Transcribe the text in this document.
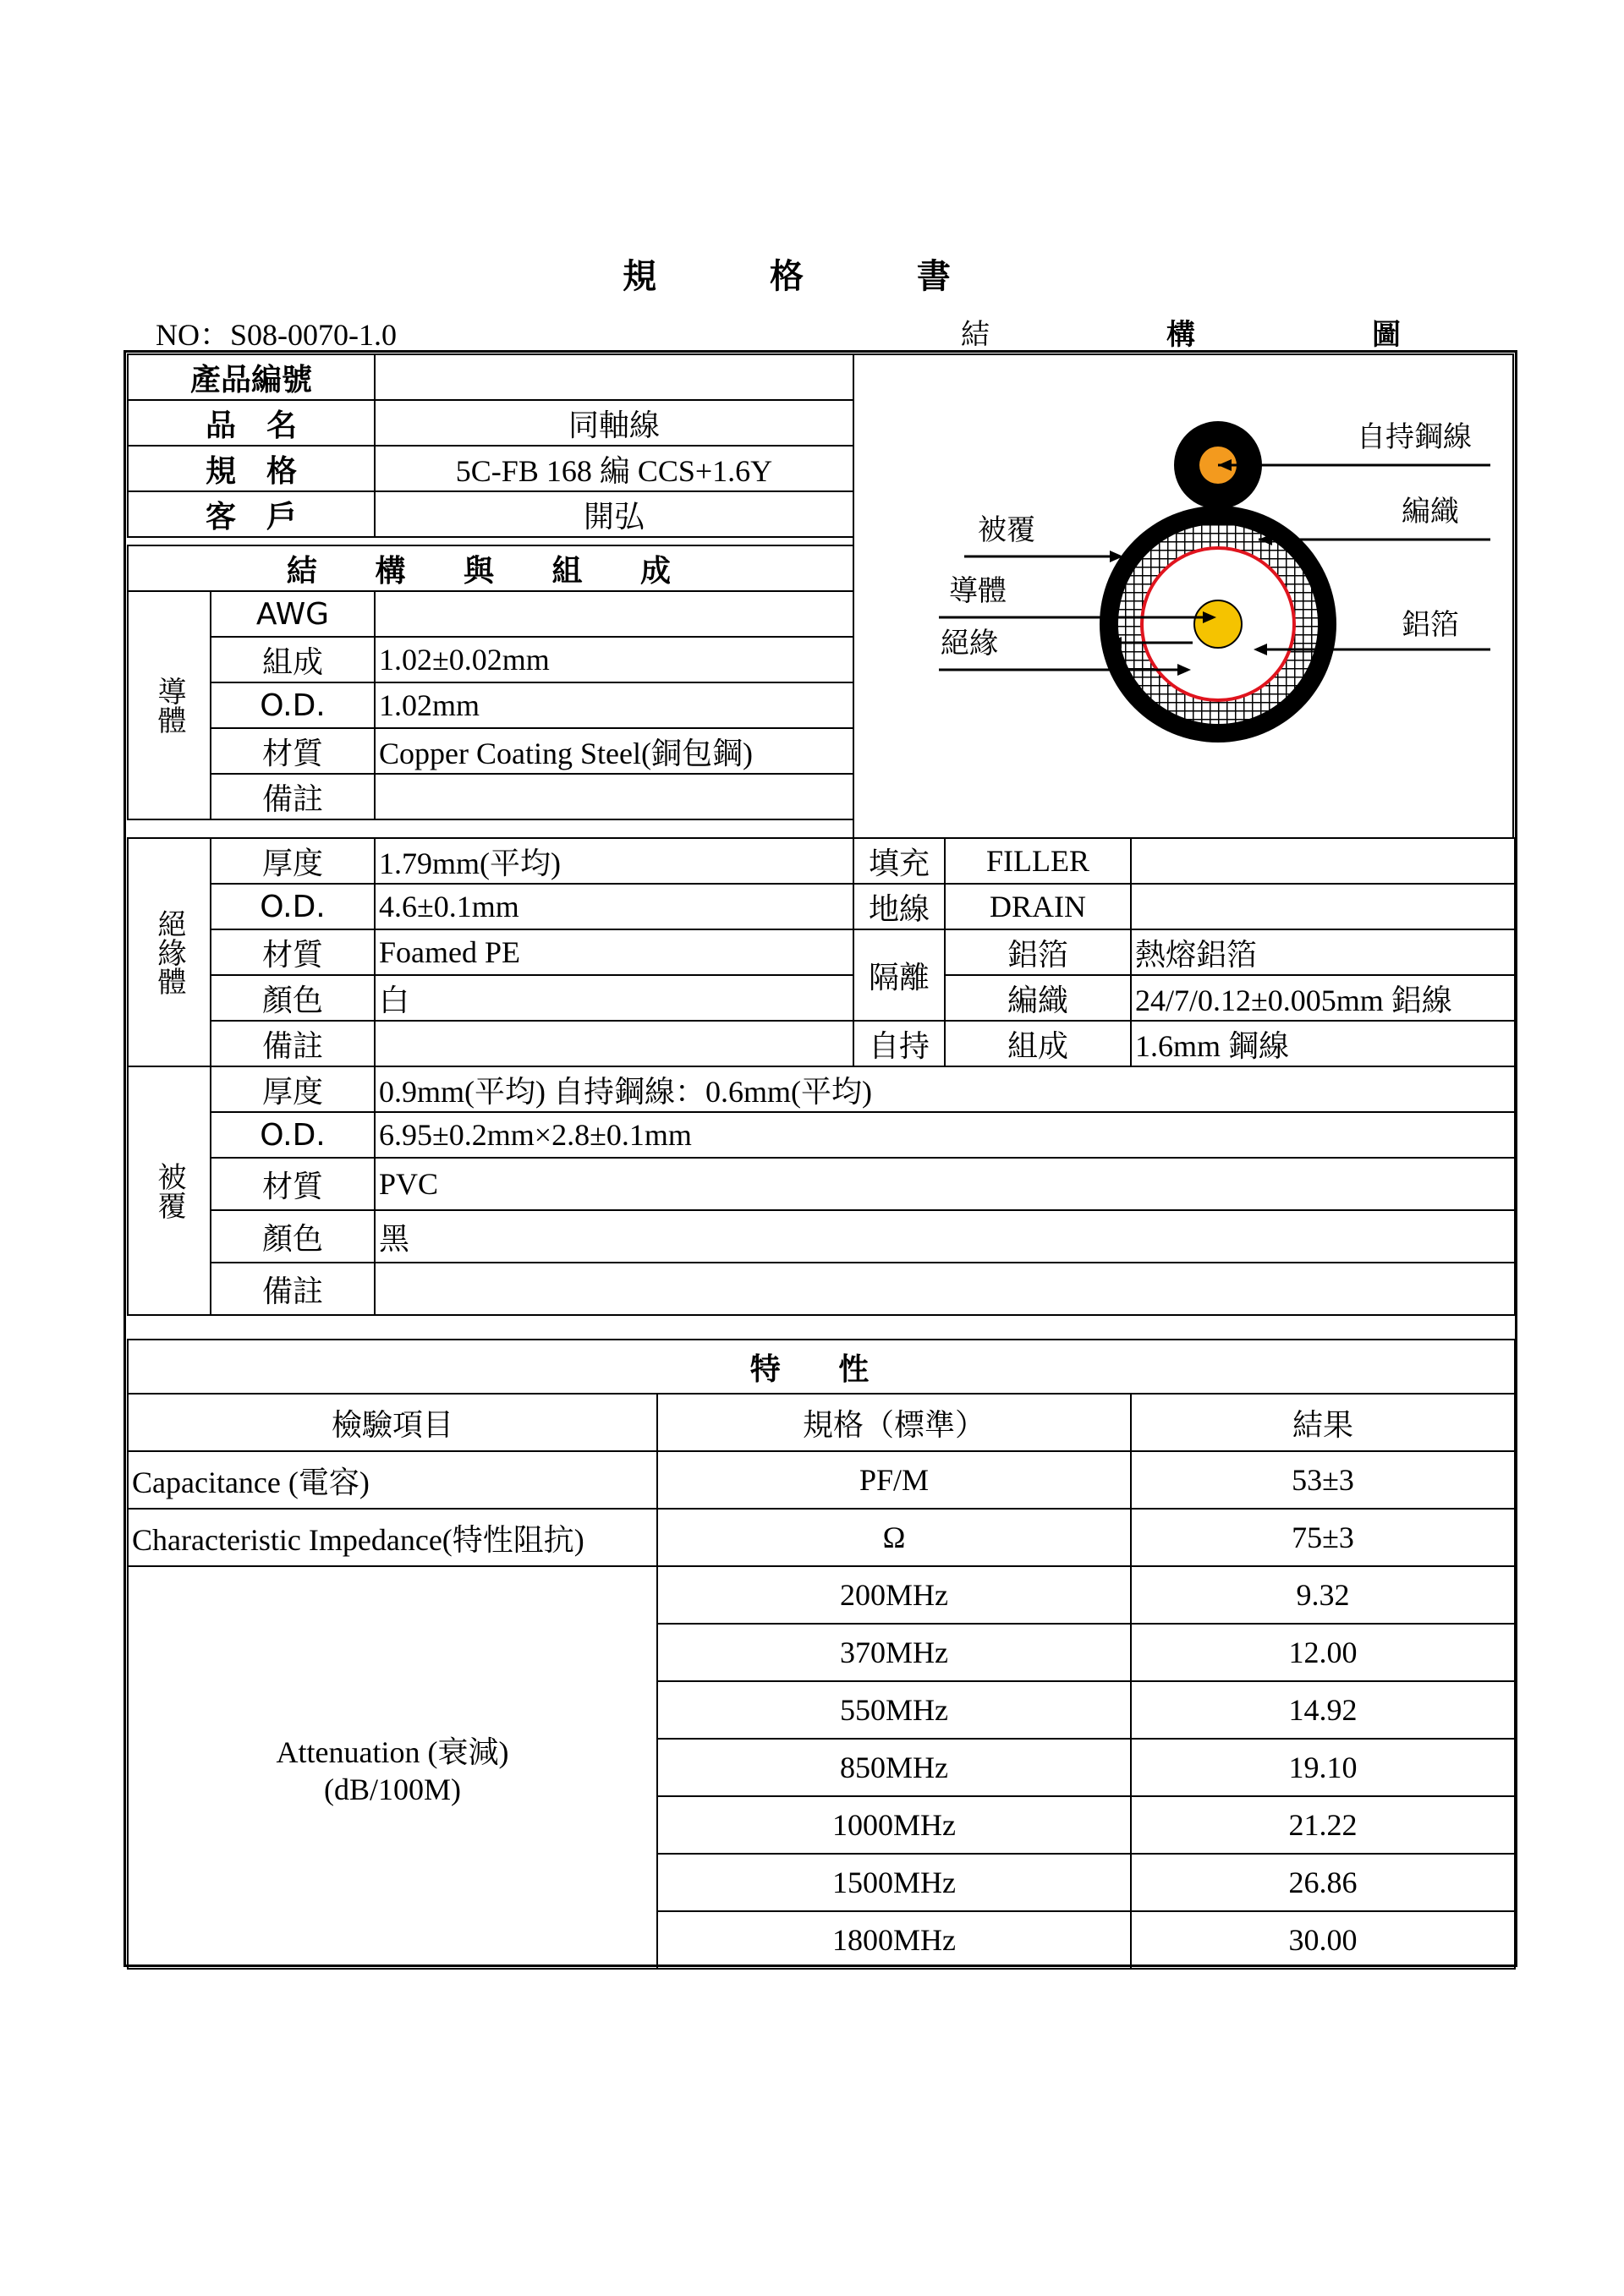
規 格 書
NO：S08-0070-1.0	結	構	圖
產品編號	
品　名	同軸線
規　格	5C-FB 168 編 CCS+1.6Y
客　戶	開弘
結 構 與 組 成		

導體	AWG	
	組成	1.02±0.02mm
	O.D.	1.02mm
	材質	Copper Coating Steel(銅包鋼)
	備註	
自持鋼線
編織
被覆
導體
鋁箔
絕緣
絕緣體	厚度	1.79mm(平均)	填充	FILLER	
	O.D.	4.6±0.1mm	地線	DRAIN	
	材質	Foamed PE	隔離	鋁箔	熱熔鋁箔
	顏色	白		編織	24/7/0.12±0.005mm 鋁線
	備註		自持	組成	1.6mm 鋼線

被覆	厚度	0.9mm(平均) 自持鋼線：0.6mm(平均)			
	O.D.	6.95±0.2mm×2.8±0.1mm			
	材質	PVC			
	顏色	黑			
	備註				
特 性		
檢驗項目	規格（標準）	結果
Capacitance (電容)	PF/M	53±3
Characteristic Impedance(特性阻抗)	Ω	75±3

Attenuation (衰減)
(dB/100M)	200MHz	9.32
	370MHz	12.00
	550MHz	14.92
	850MHz	19.10
	1000MHz	21.22
	1500MHz	26.86
	1800MHz	30.00
